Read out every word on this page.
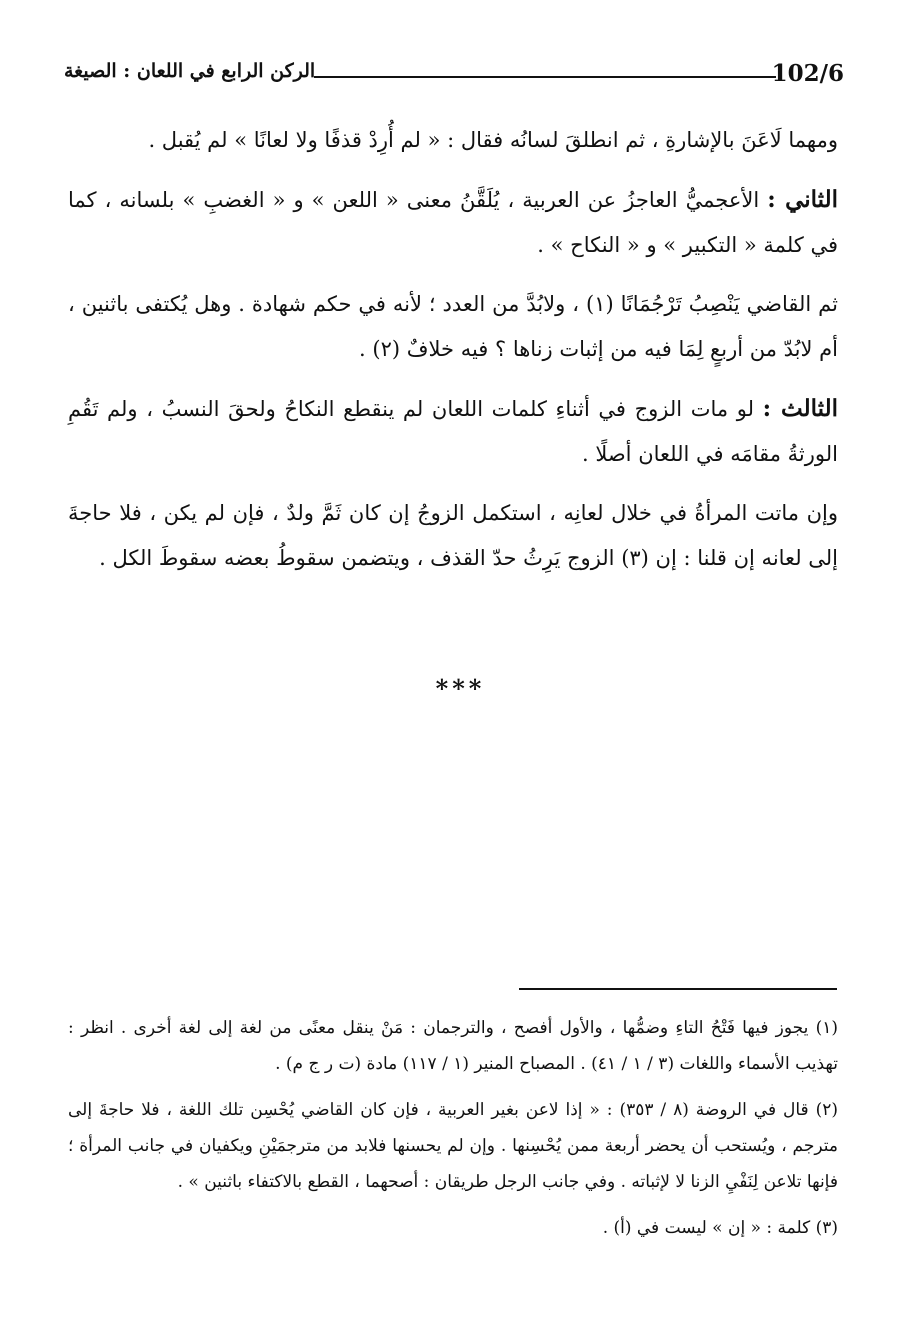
102/6
الركن الرابع في اللعان : الصيغة

ومهما لَاعَنَ بالإشارةِ ، ثم انطلقَ لسانُه فقال : « لم أُرِدْ قذفًا ولا لعانًا » لم يُقبل .

الثاني : الأعجميُّ العاجزُ عن العربية ، يُلَقَّنُ معنى « اللعن » و « الغضبِ » بلسانه ، كما في كلمة « التكبير » و « النكاح » .

ثم القاضي يَنْصِبُ تَرْجُمَانًا (١) ، ولابُدَّ من العدد ؛ لأنه في حكم شهادة . وهل يُكتفى باثنين ، أم لابُدّ من أربعٍ لِمَا فيه من إثبات زناها ؟ فيه خلافٌ (٢) .

الثالث : لو مات الزوج في أثناءِ كلمات اللعان لم ينقطع النكاحُ ولحقَ النسبُ ، ولم تَقُمِ الورثةُ مقامَه في اللعان أصلًا .

وإن ماتت المرأةُ في خلال لعانِه ، استكمل الزوجُ إن كان ثَمَّ ولدٌ ، فإن لم يكن ، فلا حاجةَ إلى لعانه إن قلنا : إن (٣) الزوج يَرِثُ حدّ القذف ، ويتضمن سقوطُ بعضه سقوطَ الكل .

***

(١) يجوز فيها فَتْحُ التاءِ وضمُّها ، والأول أفصح ، والترجمان : مَنْ ينقل معنًى من لغة إلى لغة أخرى . انظر : تهذيب الأسماء واللغات (٣ / ١ / ٤١) . المصباح المنير (١ / ١١٧) مادة (ت ر ج م) .

(٢) قال في الروضة (٨ / ٣٥٣) : « إذا لاعن بغير العربية ، فإن كان القاضي يُحْسِن تلك اللغة ، فلا حاجةَ إلى مترجم ، ويُستحب أن يحضر أربعة ممن يُحْسِنها . وإن لم يحسنها فلابد من مترجمَيْنِ ويكفيان في جانب المرأة ؛ فإنها تلاعن لِنَفْيِ الزنا لا لإثباته . وفي جانب الرجل طريقان : أصحهما ، القطع بالاكتفاء باثنين » .

(٣) كلمة : « إن » ليست في (أ) .
